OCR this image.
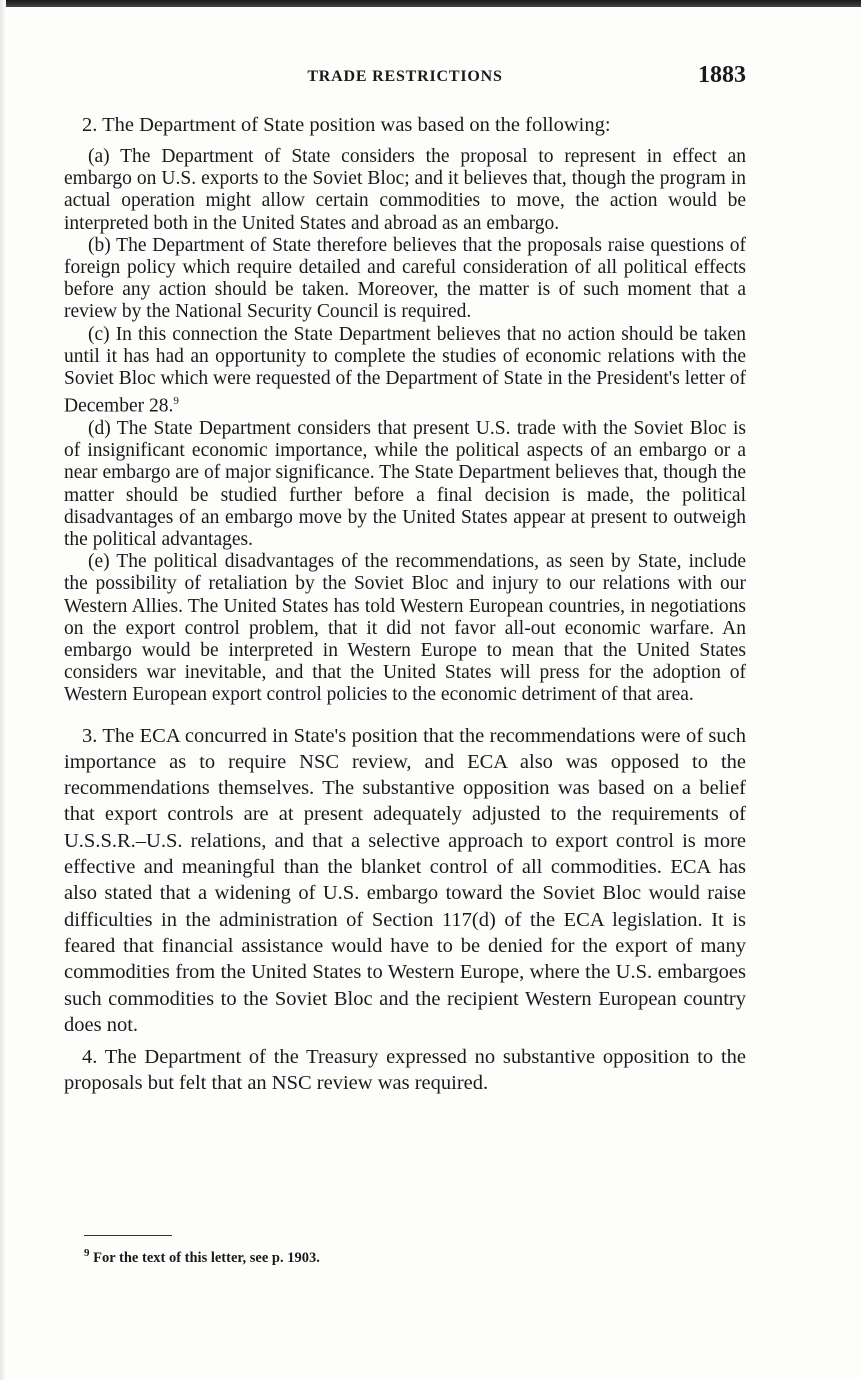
TRADE RESTRICTIONS	1883

2. The Department of State position was based on the following:

(a) The Department of State considers the proposal to represent in effect an embargo on U.S. exports to the Soviet Bloc; and it believes that, though the program in actual operation might allow certain commodities to move, the action would be interpreted both in the United States and abroad as an embargo.

(b) The Department of State therefore believes that the proposals raise questions of foreign policy which require detailed and careful consideration of all political effects before any action should be taken. Moreover, the matter is of such moment that a review by the National Security Council is required.

(c) In this connection the State Department believes that no action should be taken until it has had an opportunity to complete the studies of economic relations with the Soviet Bloc which were requested of the Department of State in the President's letter of December 28.$^9$

(d) The State Department considers that present U.S. trade with the Soviet Bloc is of insignificant economic importance, while the political aspects of an embargo or a near embargo are of major significance. The State Department believes that, though the matter should be studied further before a final decision is made, the political disadvantages of an embargo move by the United States appear at present to outweigh the political advantages.

(e) The political disadvantages of the recommendations, as seen by State, include the possibility of retaliation by the Soviet Bloc and injury to our relations with our Western Allies. The United States has told Western European countries, in negotiations on the export control problem, that it did not favor all-out economic warfare. An embargo would be interpreted in Western Europe to mean that the United States considers war inevitable, and that the United States will press for the adoption of Western European export control policies to the economic detriment of that area.

3. The ECA concurred in State's position that the recommendations were of such importance as to require NSC review, and ECA also was opposed to the recommendations themselves. The substantive opposition was based on a belief that export controls are at present adequately adjusted to the requirements of U.S.S.R.–U.S. relations, and that a selective approach to export control is more effective and meaningful than the blanket control of all commodities. ECA has also stated that a widening of U.S. embargo toward the Soviet Bloc would raise difficulties in the administration of Section 117(d) of the ECA legislation. It is feared that financial assistance would have to be denied for the export of many commodities from the United States to Western Europe, where the U.S. embargoes such commodities to the Soviet Bloc and the recipient Western European country does not.

4. The Department of the Treasury expressed no substantive opposition to the proposals but felt that an NSC review was required.

$^9$ For the text of this letter, see p. 1903.
